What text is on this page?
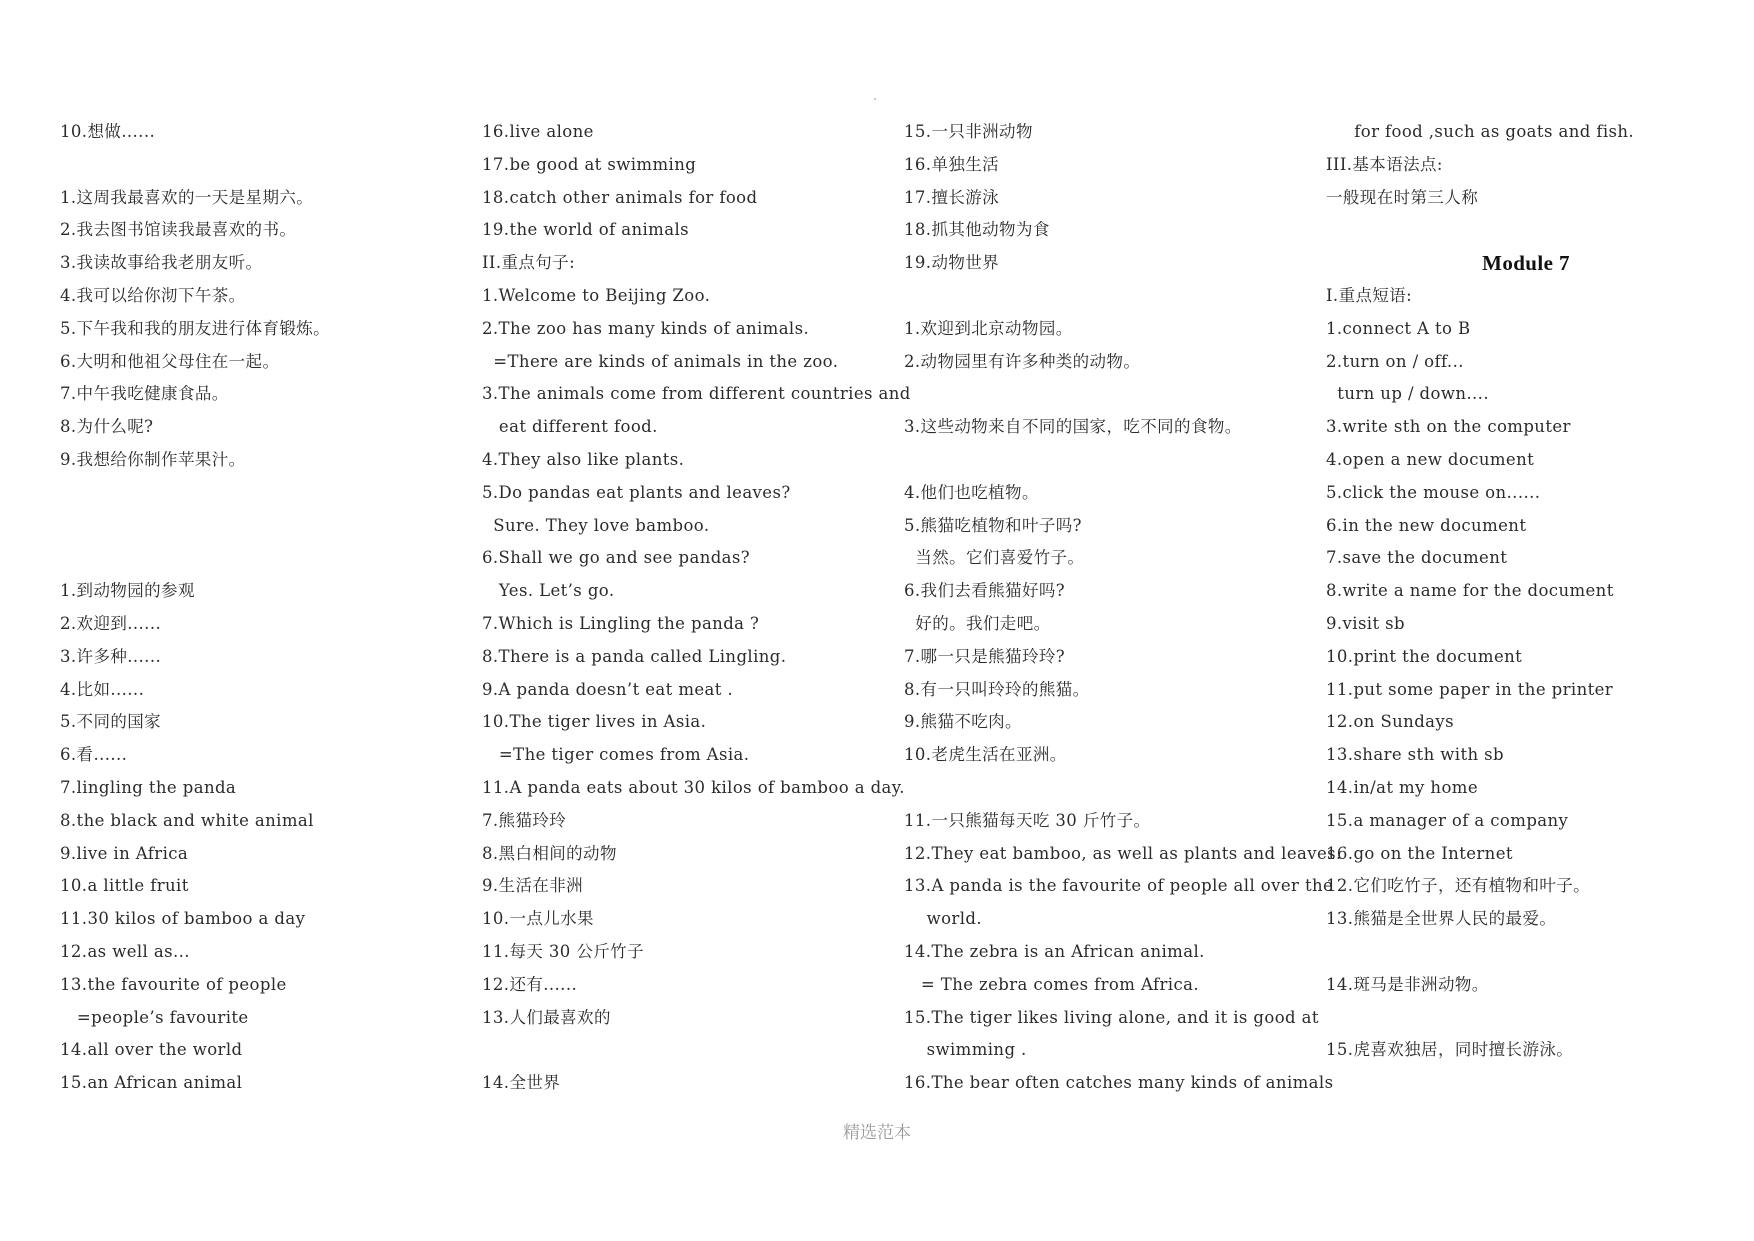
10.想做......
1.这周我最喜欢的一天是星期六。
2.我去图书馆读我最喜欢的书。
3.我读故事给我老朋友听。
4.我可以给你沏下午茶。
5.下午我和我的朋友进行体育锻炼。
6.大明和他祖父母住在一起。
7.中午我吃健康食品。
8.为什么呢?
9.我想给你制作苹果汁。
1.到动物园的参观
2.欢迎到......
3.许多种......
4.比如......
5.不同的国家
6.看......
7.lingling the panda
8.the black and white animal
9.live in Africa
10.a little fruit
11.30 kilos of bamboo a day
12.as well as...
13.the favourite of people
=people’s favourite
14.all over the world
15.an African animal
16.live alone
17.be good at swimming
18.catch other animals for food
19.the world of animals
II.重点句子:
1.Welcome to Beijing Zoo.
2.The zoo has many kinds of animals.
=There are kinds of animals in the zoo.
3.The animals come from different countries and
eat different food.
4.They also like plants.
5.Do pandas eat plants and leaves?
Sure. They love bamboo.
6.Shall we go and see pandas?
Yes. Let’s go.
7.Which is Lingling the panda ?
8.There is a panda called Lingling.
9.A panda doesn’t eat meat .
10.The tiger lives in Asia.
=The tiger comes from Asia.
11.A panda eats about 30 kilos of bamboo a day.
7.熊猫玲玲
8.黑白相间的动物
9.生活在非洲
10.一点儿水果
11.每天 30 公斤竹子
12.还有......
13.人们最喜欢的
14.全世界
15.一只非洲动物
16.单独生活
17.擅长游泳
18.抓其他动物为食
19.动物世界
1.欢迎到北京动物园。
2.动物园里有许多种类的动物。
3.这些动物来自不同的国家，吃不同的食物。
4.他们也吃植物。
5.熊猫吃植物和叶子吗?
当然。它们喜爱竹子。
6.我们去看熊猫好吗?
好的。我们走吧。
7.哪一只是熊猫玲玲?
8.有一只叫玲玲的熊猫。
9.熊猫不吃肉。
10.老虎生活在亚洲。
11.一只熊猫每天吃 30 斤竹子。
12.They eat bamboo, as well as plants and leaves.
13.A panda is the favourite of people all over the
world.
14.The zebra is an African animal.
= The zebra comes from Africa.
15.The tiger likes living alone, and it is good at
swimming .
16.The bear often catches many kinds of animals
for food ,such as goats and fish.
III.基本语法点:
一般现在时第三人称
Module 7
I.重点短语:
1.connect A to B
2.turn on / off...
turn up / down....
3.write sth on the computer
4.open a new document
5.click the mouse on......
6.in the new document
7.save the document
8.write a name for the document
9.visit sb
10.print the document
11.put some paper in the printer
12.on Sundays
13.share sth with sb
14.in/at my home
15.a manager of a company
16.go on the Internet
12.它们吃竹子，还有植物和叶子。
13.熊猫是全世界人民的最爱。
14.斑马是非洲动物。
15.虎喜欢独居，同时擅长游泳。
精选范本
